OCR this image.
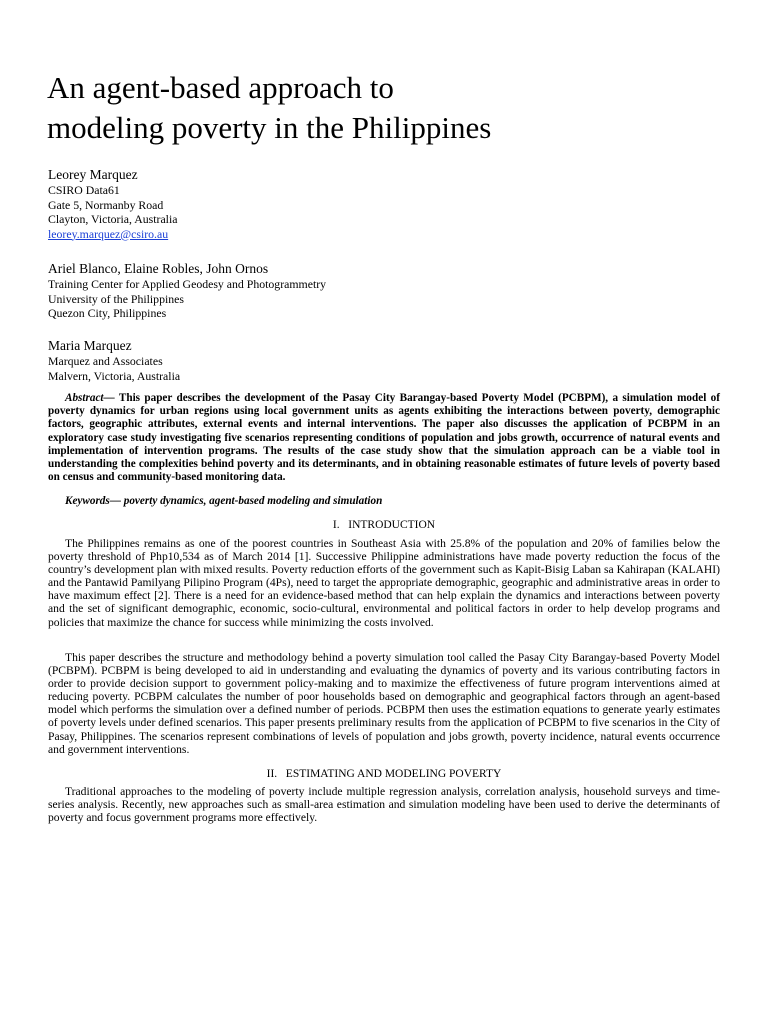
An agent-based approach to
modeling poverty in the Philippines
Leorey Marquez
CSIRO Data61
Gate 5, Normanby Road
Clayton, Victoria, Australia
leorey.marquez@csiro.au
Ariel Blanco, Elaine Robles, John Ornos
Training Center for Applied Geodesy and Photogrammetry
University of the Philippines
Quezon City, Philippines
Maria Marquez
Marquez and Associates
Malvern, Victoria, Australia
Abstract— This paper describes the development of the Pasay City Barangay-based Poverty Model (PCBPM), a simulation model of poverty dynamics for urban regions using local government units as agents exhibiting the interactions between poverty, demographic factors, geographic attributes, external events and internal interventions. The paper also discusses the application of PCBPM in an exploratory case study investigating five scenarios representing conditions of population and jobs growth, occurrence of natural events and implementation of intervention programs. The results of the case study show that the simulation approach can be a viable tool in understanding the complexities behind poverty and its determinants, and in obtaining reasonable estimates of future levels of poverty based on census and community-based monitoring data.
Keywords— poverty dynamics, agent-based modeling and simulation
I. INTRODUCTION

The Philippines remains as one of the poorest countries in Southeast Asia with 25.8% of the population and 20% of families below the poverty threshold of Php10,534 as of March 2014 [1]. Successive Philippine administrations have made poverty reduction the focus of the country’s development plan with mixed results. Poverty reduction efforts of the government such as Kapit-Bisig Laban sa Kahirapan (KALAHI) and the Pantawid Pamilyang Pilipino Program (4Ps), need to target the appropriate demographic, geographic and administrative areas in order to have maximum effect [2]. There is a need for an evidence-based method that can help explain the dynamics and interactions between poverty and the set of significant demographic, economic, socio-cultural, environmental and political factors in order to help develop programs and policies that maximize the chance for success while minimizing the costs involved.

This paper describes the structure and methodology behind a poverty simulation tool called the Pasay City Barangay-based Poverty Model (PCBPM). PCBPM is being developed to aid in understanding and evaluating the dynamics of poverty and its various contributing factors in order to provide decision support to government policy-making and to maximize the effectiveness of future program interventions aimed at reducing poverty. PCBPM calculates the number of poor households based on demographic and geographical factors through an agent-based model which performs the simulation over a defined number of periods. PCBPM then uses the estimation equations to generate yearly estimates of poverty levels under defined scenarios. This paper presents preliminary results from the application of PCBPM to five scenarios in the City of Pasay, Philippines. The scenarios represent combinations of levels of population and jobs growth, poverty incidence, natural events occurrence and government interventions.

II. ESTIMATING AND MODELING POVERTY

Traditional approaches to the modeling of poverty include multiple regression analysis, correlation analysis, household surveys and time-series analysis. Recently, new approaches such as small-area estimation and simulation modeling have been used to derive the determinants of poverty and focus government programs more effectively.
